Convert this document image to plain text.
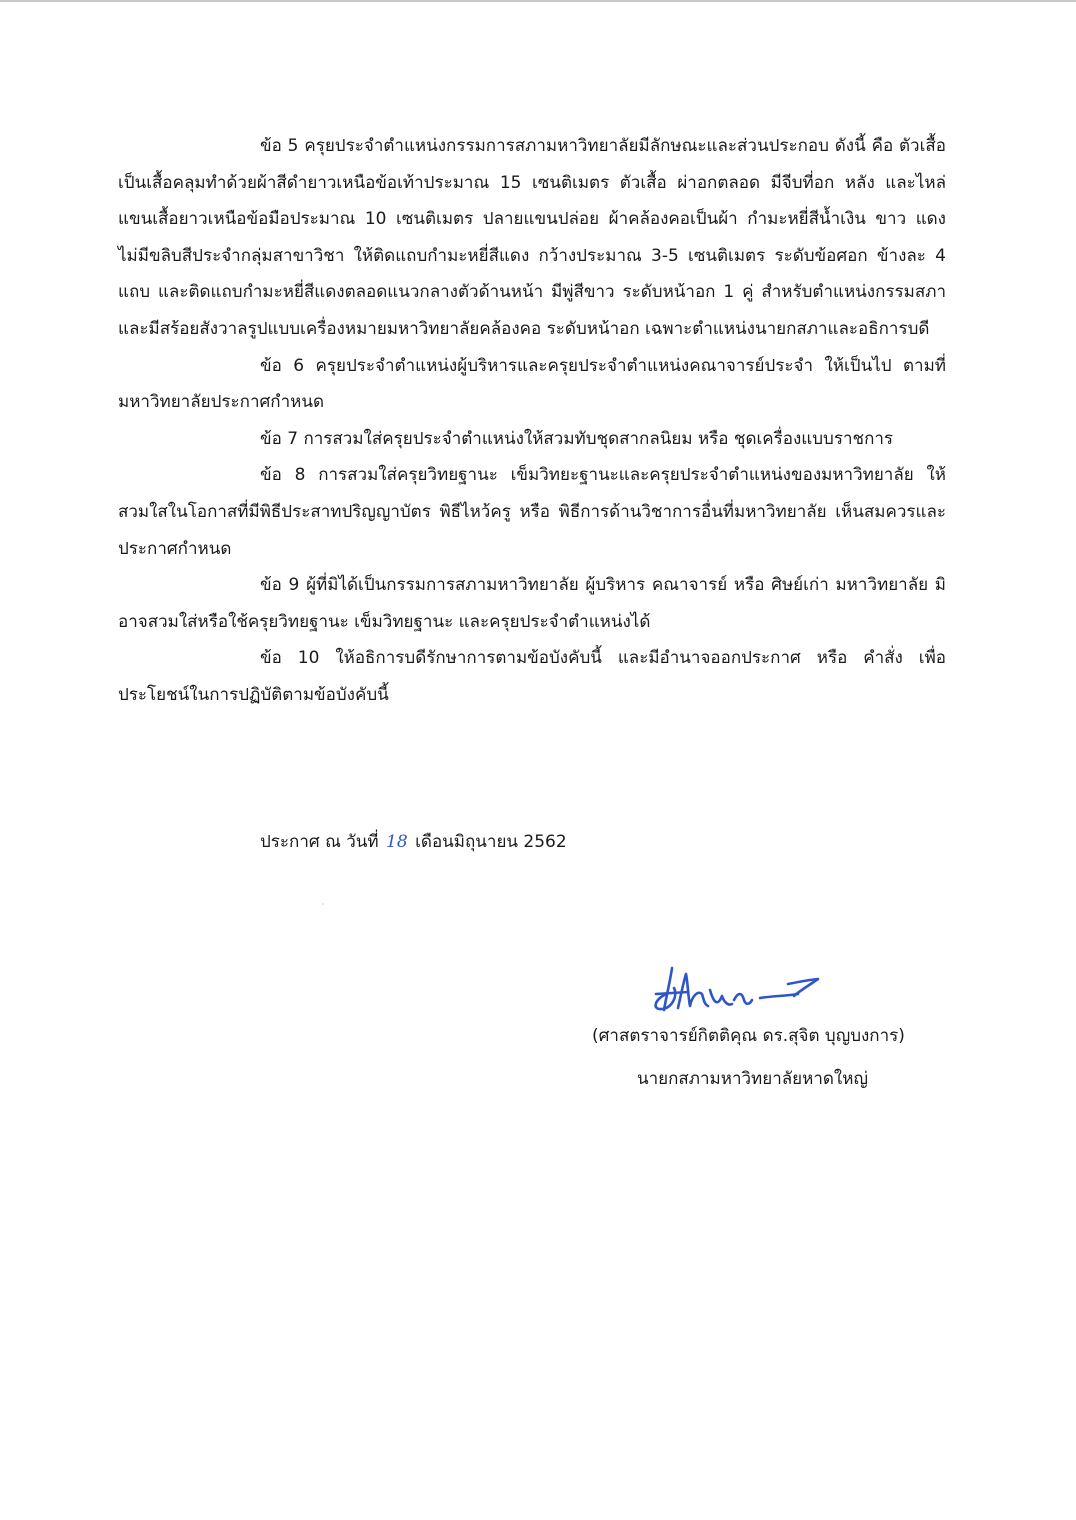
ข้อ 5 ครุยประจำตำแหน่งกรรมการสภามหาวิทยาลัยมีลักษณะและส่วนประกอบ ดังนี้ คือ ตัวเสื้อ เป็นเสื้อคลุมทำด้วยผ้าสีดำยาวเหนือข้อเท้าประมาณ 15 เซนติเมตร ตัวเสื้อ ผ่าอกตลอด มีจีบที่อก หลัง และไหล่ แขนเสื้อยาวเหนือข้อมือประมาณ 10 เซนติเมตร ปลายแขนปล่อย ผ้าคล้องคอเป็นผ้า กำมะหยี่สีน้ำเงิน ขาว แดง ไม่มีขลิบสีประจำกลุ่มสาขาวิชา ให้ติดแถบกำมะหยี่สีแดง กว้างประมาณ 3-5 เซนติเมตร ระดับข้อศอก ข้างละ 4 แถบ และติดแถบกำมะหยี่สีแดงตลอดแนวกลางตัวด้านหน้า มีพู่สีขาว ระดับหน้าอก 1 คู่ สำหรับตำแหน่งกรรมสภา และมีสร้อยสังวาลรูปแบบเครื่องหมายมหาวิทยาลัยคล้องคอ ระดับหน้าอก เฉพาะตำแหน่งนายกสภาและอธิการบดี

ข้อ 6 ครุยประจำตำแหน่งผู้บริหารและครุยประจำตำแหน่งคณาจารย์ประจำ ให้เป็นไป ตามที่มหาวิทยาลัยประกาศกำหนด

ข้อ 7 การสวมใส่ครุยประจำตำแหน่งให้สวมทับชุดสากลนิยม หรือ ชุดเครื่องแบบราชการ

ข้อ 8 การสวมใส่ครุยวิทยฐานะ เข็มวิทยะฐานะและครุยประจำตำแหน่งของมหาวิทยาลัย ให้สวมใสในโอกาสที่มีพิธีประสาทปริญญาบัตร พิธีไหว้ครู หรือ พิธีการด้านวิชาการอื่นที่มหาวิทยาลัย เห็นสมควรและประกาศกำหนด

ข้อ 9 ผู้ที่มิได้เป็นกรรมการสภามหาวิทยาลัย ผู้บริหาร คณาจารย์ หรือ ศิษย์เก่า มหาวิทยาลัย มิอาจสวมใส่หรือใช้ครุยวิทยฐานะ เข็มวิทยฐานะ และครุยประจำตำแหน่งได้

ข้อ 10 ให้อธิการบดีรักษาการตามข้อบังคับนี้ และมีอำนาจออกประกาศ หรือ คำสั่ง เพื่อประโยชน์ในการปฏิบัติตามข้อบังคับนี้

ประกาศ ณ วันที่ 18 เดือนมิถุนายน 2562
(ศาสตราจารย์กิตติคุณ ดร.สุจิต บุญบงการ)
นายกสภามหาวิทยาลัยหาดใหญ่
